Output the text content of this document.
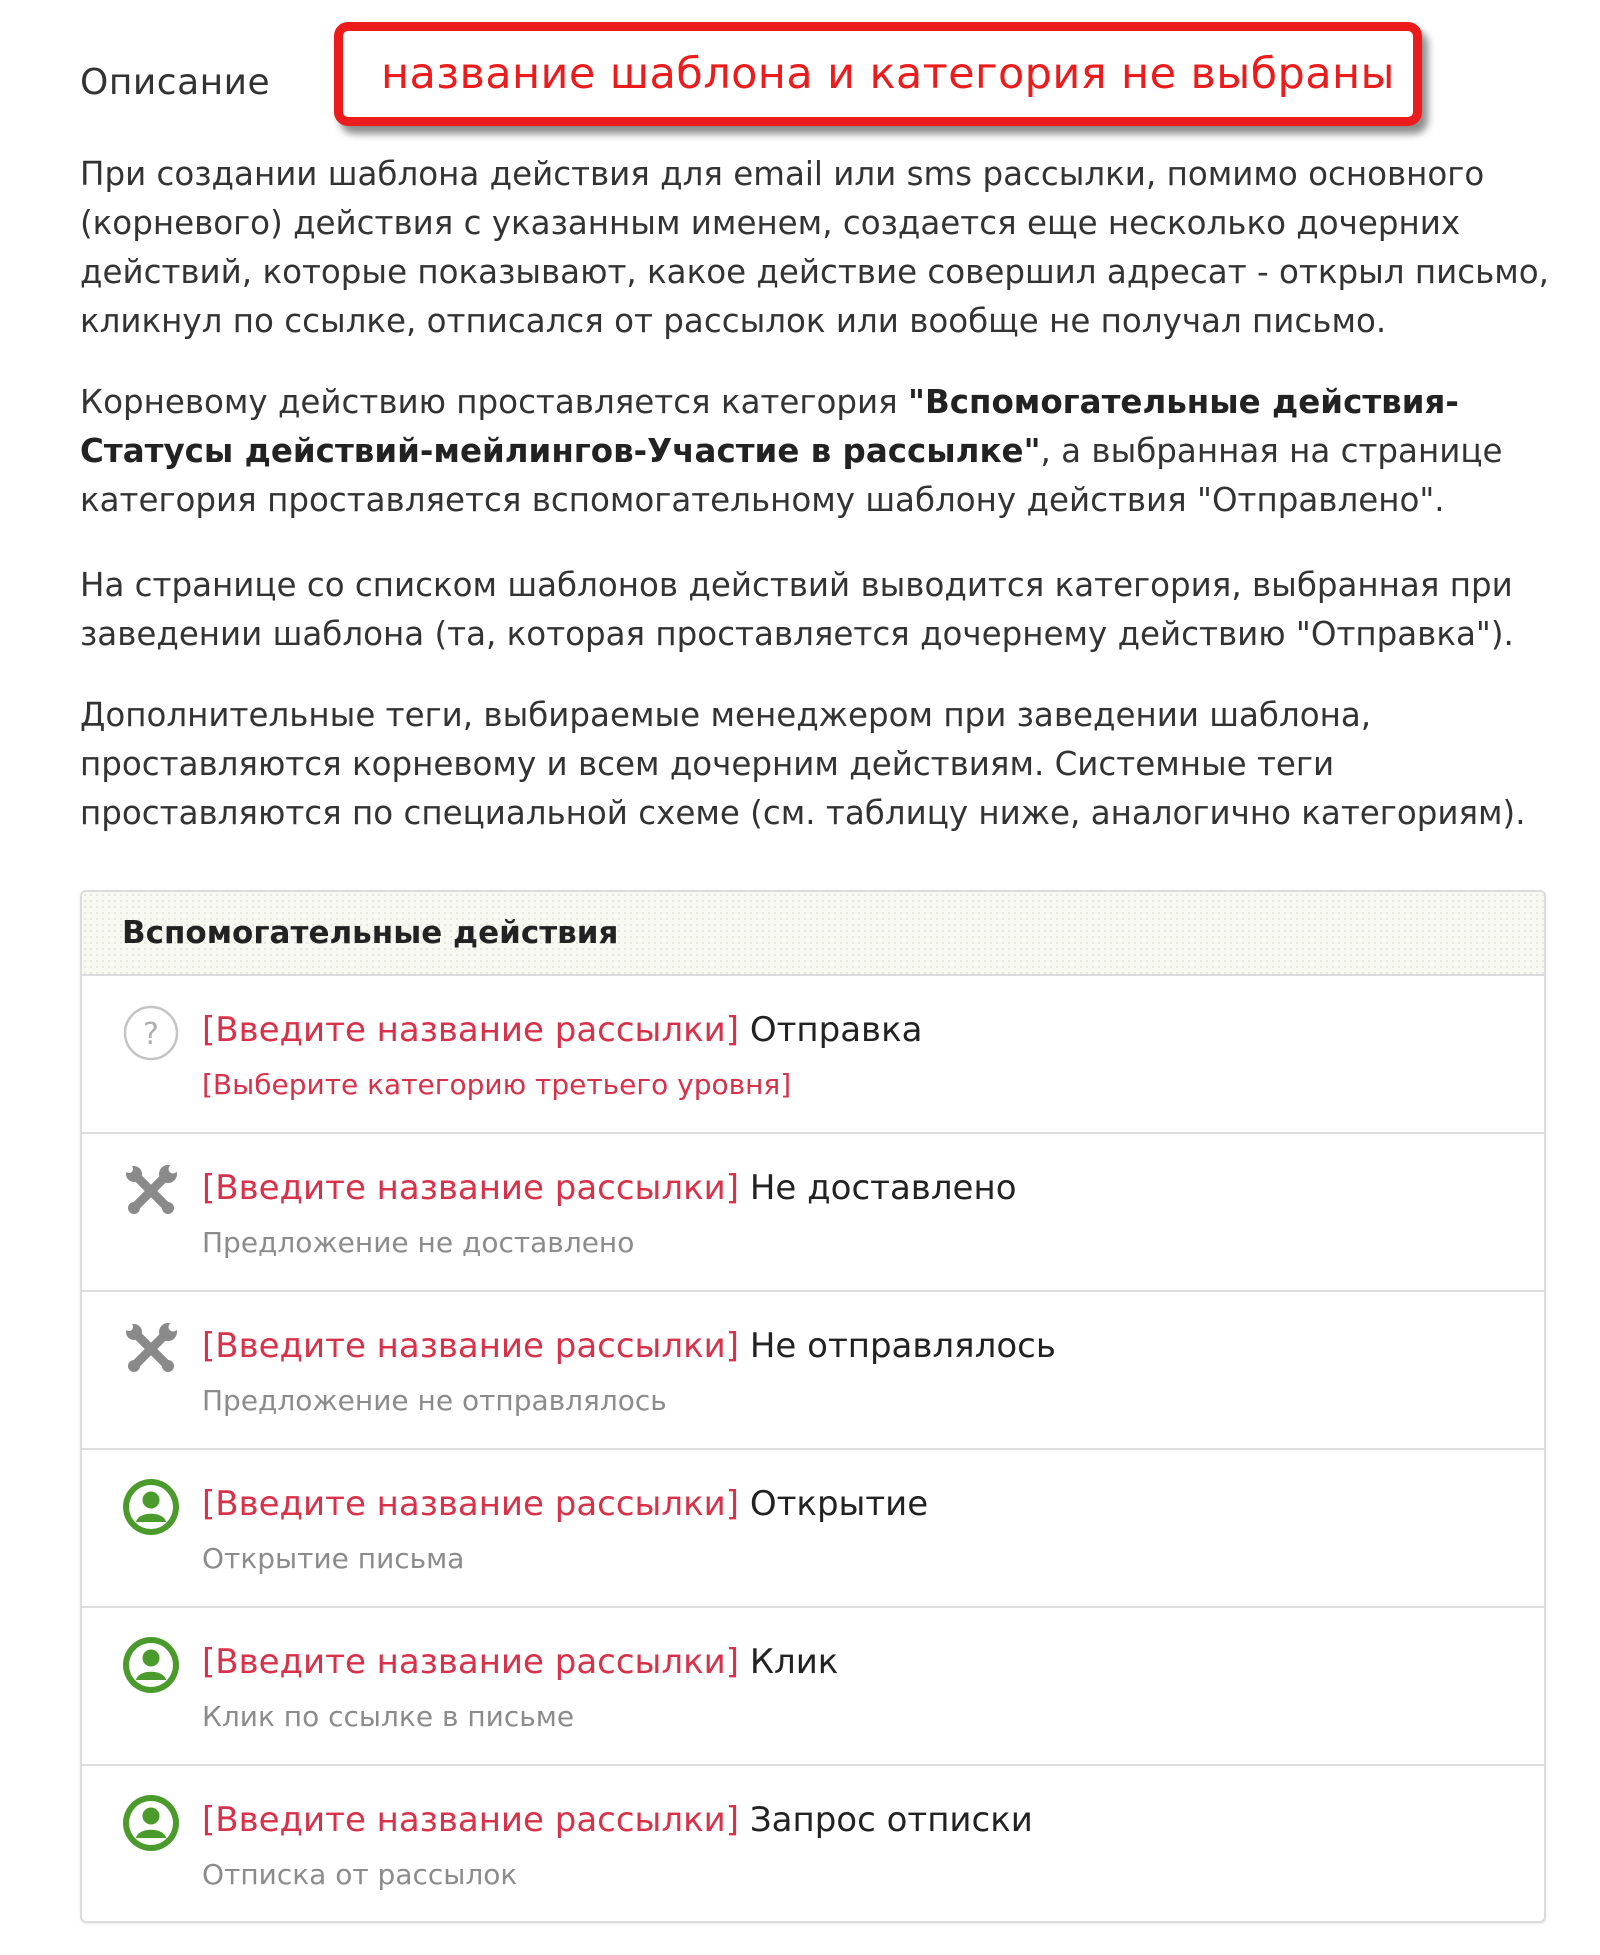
Описание	название шаблона и категория не выбраны

При создании шаблона действия для email или sms рассылки, помимо основного (корневого) действия с указанным именем, создается еще несколько дочерних действий, которые показывают, какое действие совершил адресат - открыл письмо, кликнул по ссылке, отписался от рассылок или вообще не получал письмо.

Корневому действию проставляется категория "Вспомогательные действия-Статусы действий-мейлингов-Участие в рассылке", а выбранная на странице категория проставляется вспомогательному шаблону действия "Отправлено".

На странице со списком шаблонов действий выводится категория, выбранная при заведении шаблона (та, которая проставляется дочернему действию "Отправка").

Дополнительные теги, выбираемые менеджером при заведении шаблона, проставляются корневому и всем дочерним действиям. Системные теги проставляются по специальной схеме (см. таблицу ниже, аналогично категориям).

Вспомогательные действия
? [Введите название рассылки] Отправка
[Выберите категорию третьего уровня]
[Введите название рассылки] Не доставлено
Предложение не доставлено
[Введите название рассылки] Не отправлялось
Предложение не отправлялось
[Введите название рассылки] Открытие
Открытие письма
[Введите название рассылки] Клик
Клик по ссылке в письме
[Введите название рассылки] Запрос отписки
Отписка от рассылок
